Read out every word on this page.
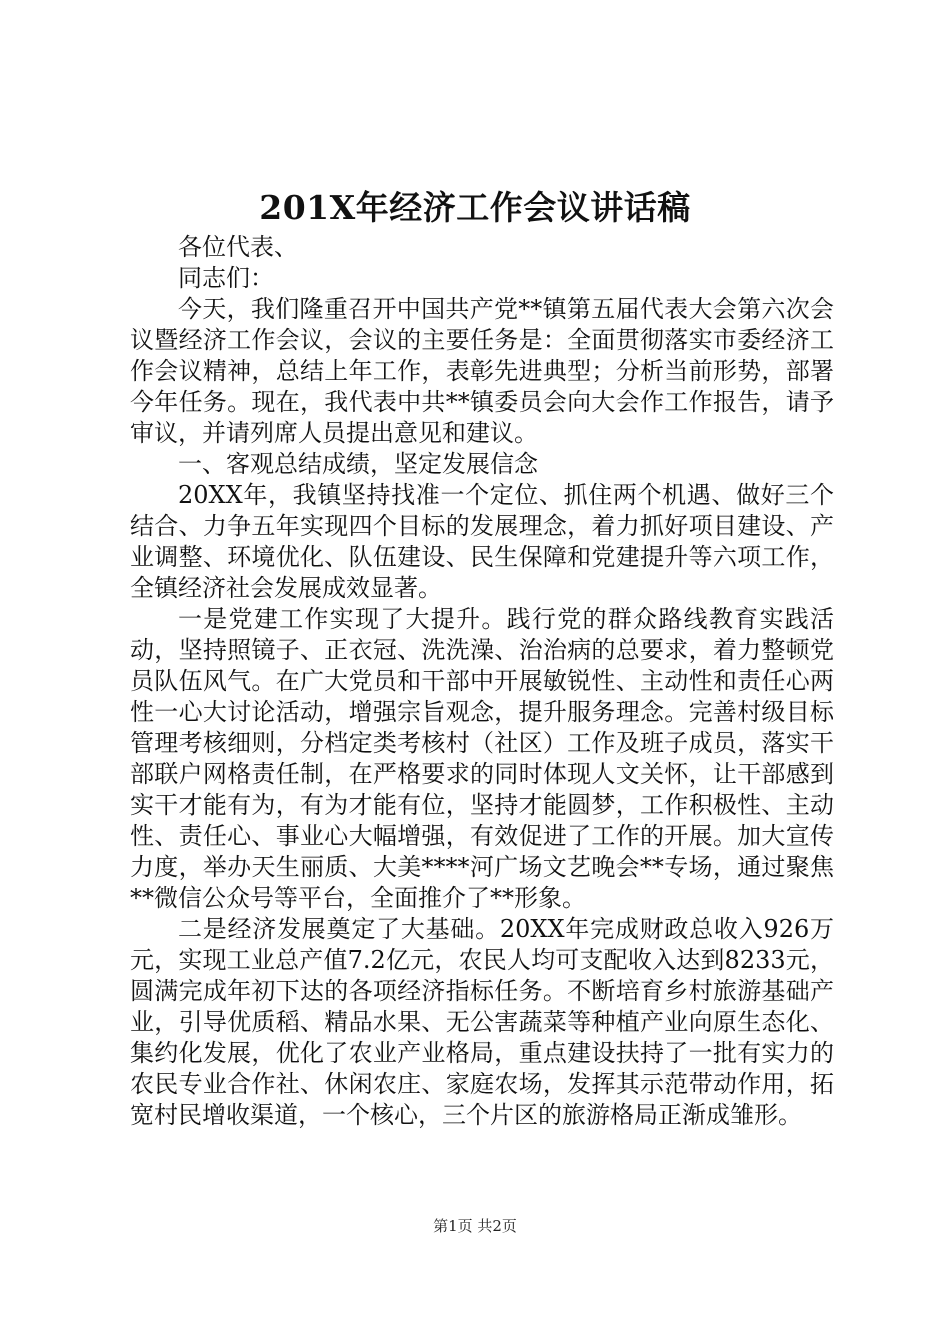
201X年经济工作会议讲话稿

各位代表、

同志们：

今天，我们隆重召开中国共产党**镇第五届代表大会第六次会议暨经济工作会议，会议的主要任务是：全面贯彻落实市委经济工作会议精神，总结上年工作，表彰先进典型；分析当前形势，部署今年任务。现在，我代表中共**镇委员会向大会作工作报告，请予审议，并请列席人员提出意见和建议。

一、客观总结成绩，坚定发展信念

20XX年，我镇坚持找准一个定位、抓住两个机遇、做好三个结合、力争五年实现四个目标的发展理念，着力抓好项目建设、产业调整、环境优化、队伍建设、民生保障和党建提升等六项工作，全镇经济社会发展成效显著。

一是党建工作实现了大提升。践行党的群众路线教育实践活动，坚持照镜子、正衣冠、洗洗澡、治治病的总要求，着力整顿党员队伍风气。在广大党员和干部中开展敏锐性、主动性和责任心两性一心大讨论活动，增强宗旨观念，提升服务理念。完善村级目标管理考核细则，分档定类考核村（社区）工作及班子成员，落实干部联户网格责任制，在严格要求的同时体现人文关怀，让干部感到实干才能有为，有为才能有位，坚持才能圆梦，工作积极性、主动性、责任心、事业心大幅增强，有效促进了工作的开展。加大宣传力度，举办天生丽质、大美****河广场文艺晚会**专场，通过聚焦**微信公众号等平台，全面推介了**形象。

二是经济发展奠定了大基础。20XX年完成财政总收入926万元，实现工业总产值7.2亿元，农民人均可支配收入达到8233元，圆满完成年初下达的各项经济指标任务。不断培育乡村旅游基础产业，引导优质稻、精品水果、无公害蔬菜等种植产业向原生态化、集约化发展，优化了农业产业格局，重点建设扶持了一批有实力的农民专业合作社、休闲农庄、家庭农场，发挥其示范带动作用，拓宽村民增收渠道，一个核心，三个片区的旅游格局正渐成雏形。

第1页 共2页
